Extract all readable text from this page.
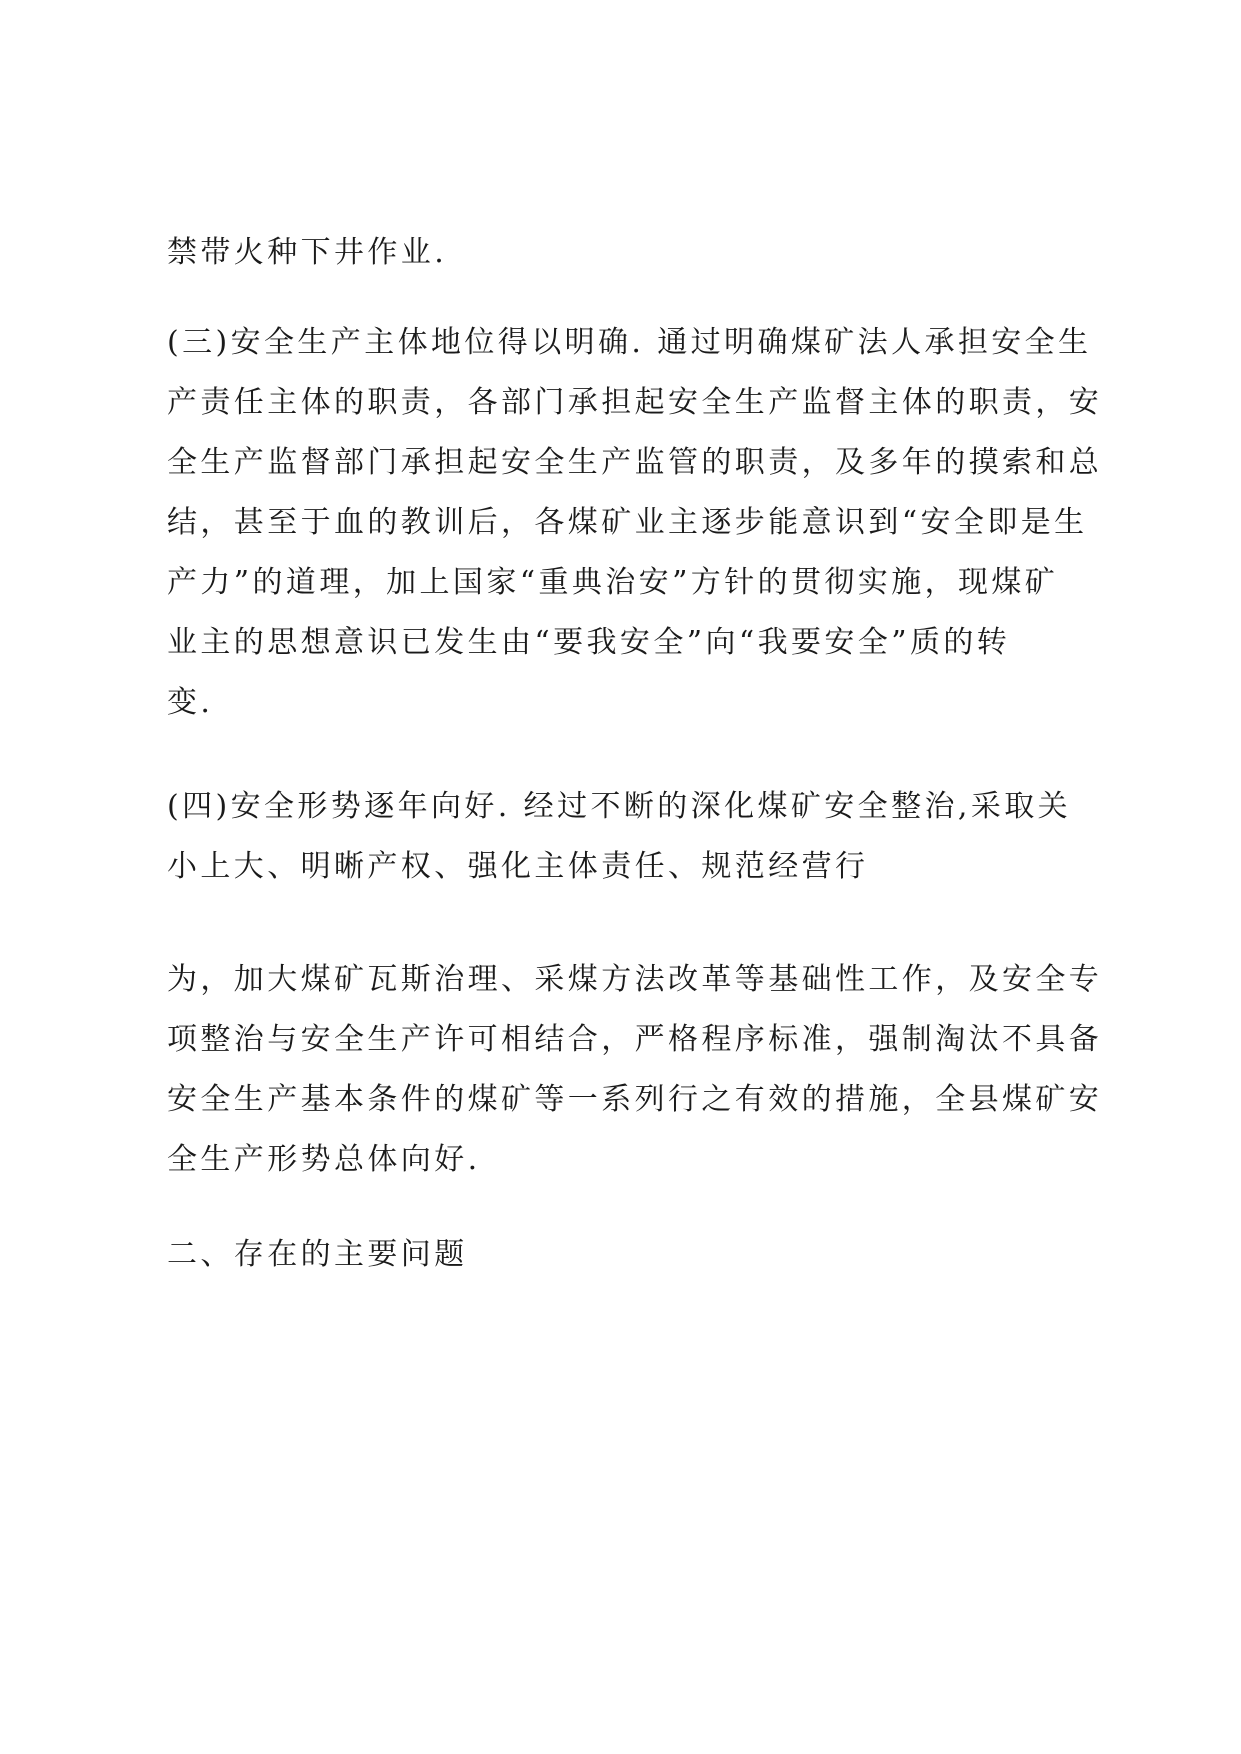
禁带火种下井作业.
(三)安全生产主体地位得以明确. 通过明确煤矿法人承担安全生
产责任主体的职责，各部门承担起安全生产监督主体的职责，安
全生产监督部门承担起安全生产监管的职责，及多年的摸索和总
结，甚至于血的教训后，各煤矿业主逐步能意识到“安全即是生
产力”的道理，加上国家“重典治安”方针的贯彻实施，现煤矿
业主的思想意识已发生由“要我安全”向“我要安全”质的转
变.
(四)安全形势逐年向好. 经过不断的深化煤矿安全整治,采取关
小上大、明晰产权、强化主体责任、规范经营行
为，加大煤矿瓦斯治理、采煤方法改革等基础性工作，及安全专
项整治与安全生产许可相结合，严格程序标准，强制淘汰不具备
安全生产基本条件的煤矿等一系列行之有效的措施，全县煤矿安
全生产形势总体向好.
二、存在的主要问题
